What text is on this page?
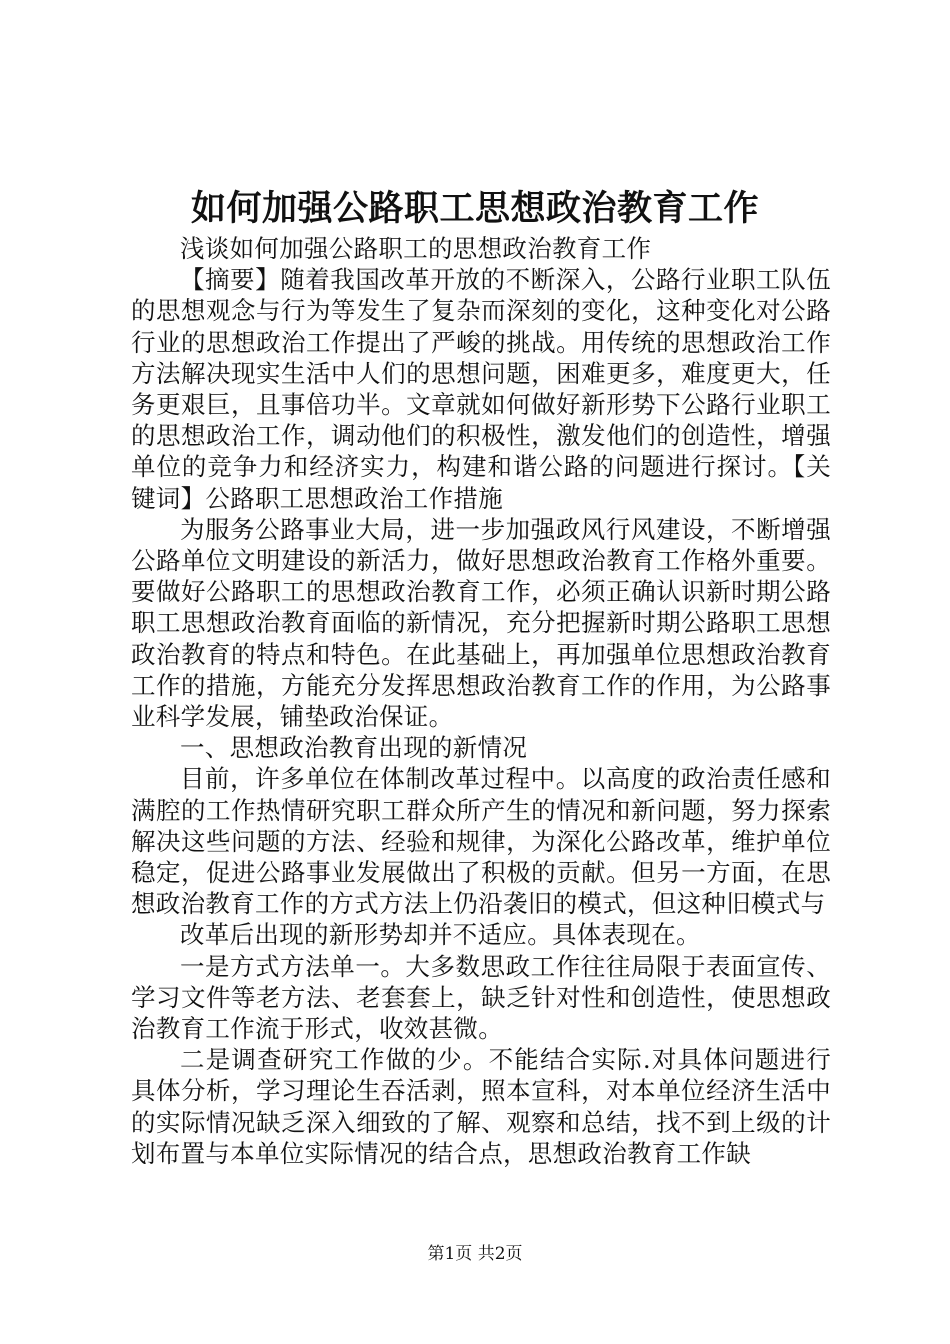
如何加强公路职工思想政治教育工作

浅谈如何加强公路职工的思想政治教育工作

【摘要】随着我国改革开放的不断深入，公路行业职工队伍的思想观念与行为等发生了复杂而深刻的变化，这种变化对公路行业的思想政治工作提出了严峻的挑战。用传统的思想政治工作方法解决现实生活中人们的思想问题，困难更多，难度更大，任务更艰巨，且事倍功半。文章就如何做好新形势下公路行业职工的思想政治工作，调动他们的积极性，激发他们的创造性，增强单位的竞争力和经济实力，构建和谐公路的问题进行探讨。【关键词】公路职工思想政治工作措施

为服务公路事业大局，进一步加强政风行风建设，不断增强公路单位文明建设的新活力，做好思想政治教育工作格外重要。要做好公路职工的思想政治教育工作，必须正确认识新时期公路职工思想政治教育面临的新情况，充分把握新时期公路职工思想政治教育的特点和特色。在此基础上，再加强单位思想政治教育工作的措施，方能充分发挥思想政治教育工作的作用，为公路事业科学发展，铺垫政治保证。

一、思想政治教育出现的新情况

目前，许多单位在体制改革过程中。以高度的政治责任感和满腔的工作热情研究职工群众所产生的情况和新问题，努力探索解决这些问题的方法、经验和规律，为深化公路改革，维护单位稳定，促进公路事业发展做出了积极的贡献。但另一方面，在思想政治教育工作的方式方法上仍沿袭旧的模式，但这种旧模式与

改革后出现的新形势却并不适应。具体表现在。

一是方式方法单一。大多数思政工作往往局限于表面宣传、学习文件等老方法、老套套上，缺乏针对性和创造性，使思想政治教育工作流于形式，收效甚微。

二是调查研究工作做的少。不能结合实际.对具体问题进行具体分析，学习理论生吞活剥，照本宣科，对本单位经济生活中的实际情况缺乏深入细致的了解、观察和总结，找不到上级的计划布置与本单位实际情况的结合点，思想政治教育工作缺

第1页 共2页
